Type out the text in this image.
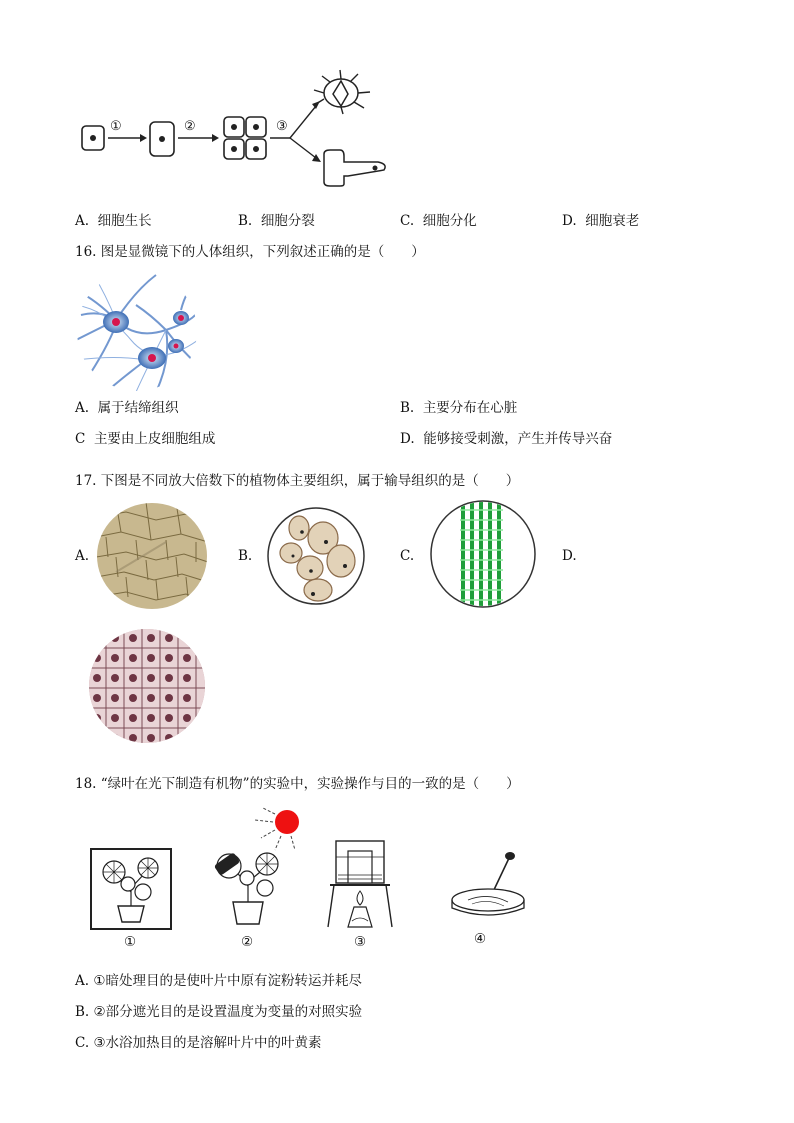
①	②	③
A. 细胞生长	B. 细胞分裂	C. 细胞分化	D. 细胞衰老
16. 图是显微镜下的人体组织，下列叙述正确的是（　　）
A. 属于结缔组织	B. 主要分布在心脏
C 主要由上皮细胞组成	D. 能够接受刺激，产生并传导兴奋
17. 下图是不同放大倍数下的植物体主要组织，属于输导组织的是（　　）
A.	B.	C.	D.
18. “绿叶在光下制造有机物”的实验中，实验操作与目的一致的是（　　）
①	②	③	④
A. ①暗处理目的是使叶片中原有淀粉转运并耗尽
B. ②部分遮光目的是设置温度为变量的对照实验
C. ③水浴加热目的是溶解叶片中的叶黄素
